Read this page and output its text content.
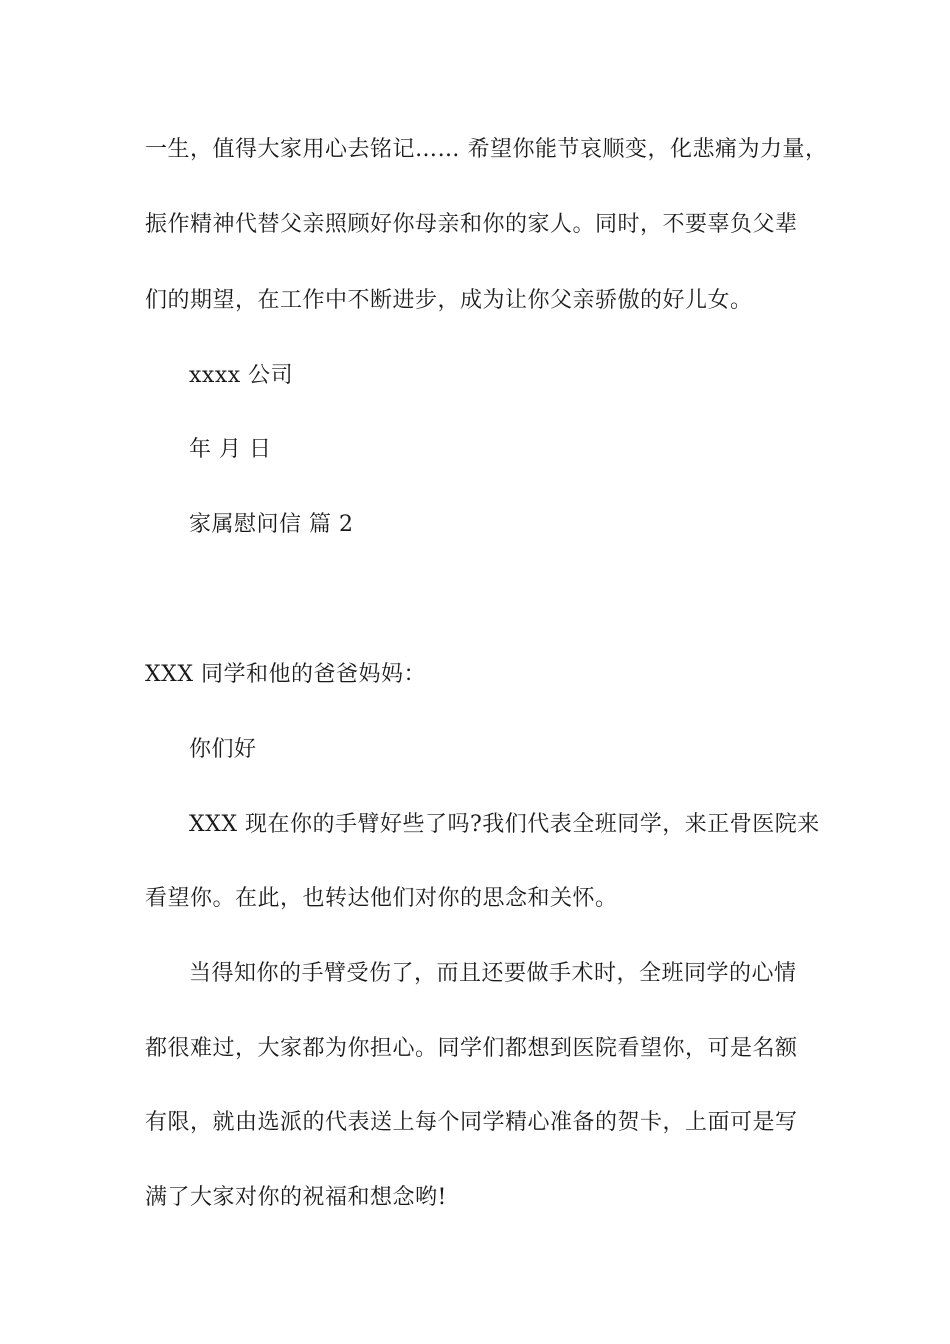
一生，值得大家用心去铭记…… 希望你能节哀顺变，化悲痛为力量，
振作精神代替父亲照顾好你母亲和你的家人。同时，不要辜负父辈
们的期望，在工作中不断进步，成为让你父亲骄傲的好儿女。
xxxx 公司
年 月 日
家属慰问信 篇 2
XXX 同学和他的爸爸妈妈：
你们好
XXX 现在你的手臂好些了吗?我们代表全班同学，来正骨医院来
看望你。在此，也转达他们对你的思念和关怀。
当得知你的手臂受伤了，而且还要做手术时，全班同学的心情
都很难过，大家都为你担心。同学们都想到医院看望你，可是名额
有限，就由选派的代表送上每个同学精心准备的贺卡，上面可是写
满了大家对你的祝福和想念哟!
